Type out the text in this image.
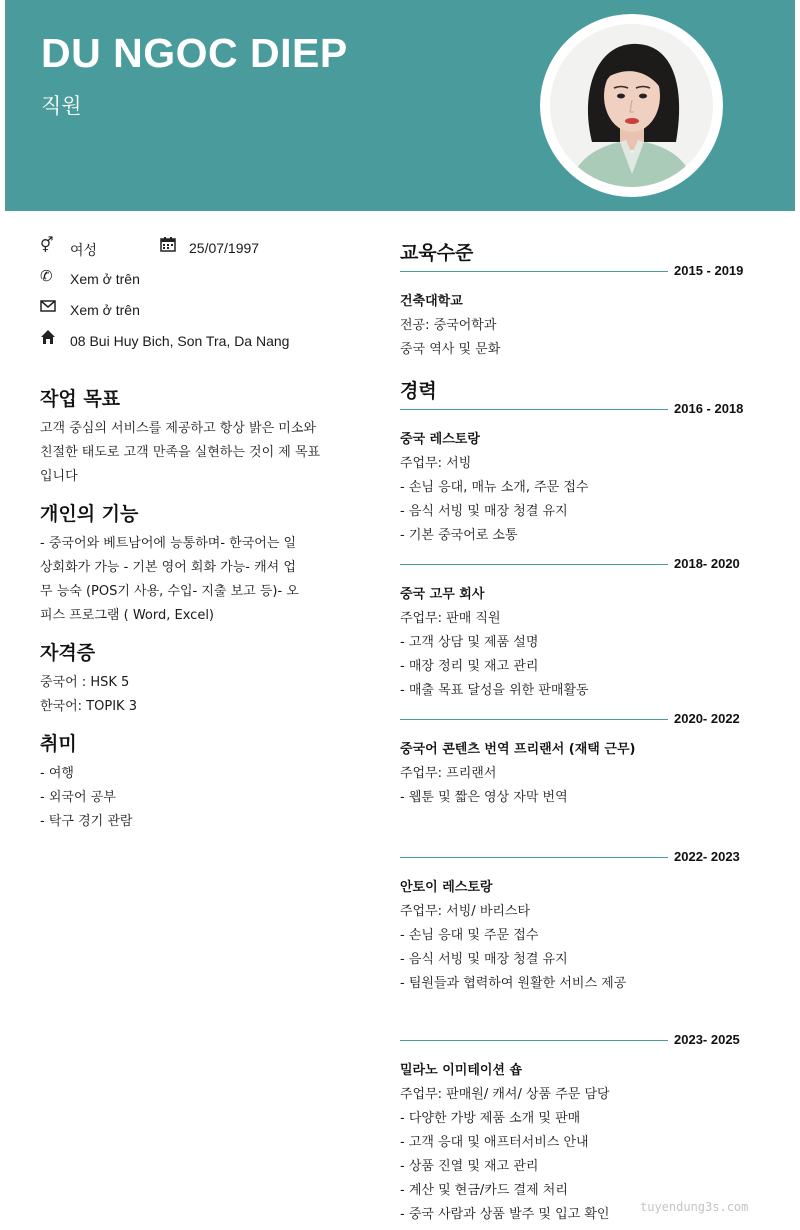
DU NGOC DIEP
직원
⚥	여성	25/07/1997
✆	Xem ở trên
Xem ở trên
08 Bui Huy Bich, Son Tra, Da Nang
작업 목표
고객 중심의 서비스를 제공하고 항상 밝은 미소와
친절한 태도로 고객 만족을 실현하는 것이 제 목표
입니다
개인의 기능
- 중국어와 베트남어에 능통하며- 한국어는 일
상회화가 가능 - 기본 영어 회화 가능- 캐셔 업
무 능숙 (POS기 사용, 수입- 지출 보고 등)- 오
피스 프로그램 ( Word, Excel)
자격증
중국어 : HSK 5
한국어: TOPIK 3
취미
- 여행
- 외국어 공부
- 탁구 경기 관람
교육수준
2015 - 2019
건축대학교
전공: 중국어학과
중국 역사 및 문화
경력
2016 - 2018
중국 레스토랑
주업무: 서빙
- 손님 응대, 매뉴 소개, 주문 접수
- 음식 서빙 및 매장 청결 유지
- 기본 중국어로 소통
2018- 2020
중국 고무 회사
주업무: 판매 직원
- 고객 상담 및 제품 설명
- 매장 정리 및 재고 관리
- 매출 목표 달성을 위한 판매활동
2020- 2022
중국어 콘텐츠 번역 프리랜서 (재택 근무)
주업무: 프리랜서
- 웹툰 및 짧은 영상 자막 번역
2022- 2023
안토이 레스토랑
주업무: 서빙/ 바리스타
- 손님 응대 및 주문 접수
- 음식 서빙 및 매장 청결 유지
- 팀원들과 협력하여 원활한 서비스 제공
2023- 2025
밀라노 이미테이션 숍
주업무: 판매원/ 캐셔/ 상품 주문 담당
- 다양한 가방 제품 소개 및 판매
- 고객 응대 및 애프터서비스 안내
- 상품 진열 및 재고 관리
- 계산 및 현금/카드 결제 처리
- 중국 사람과 상품 발주 및 입고 확인	tuyendung3s.com
